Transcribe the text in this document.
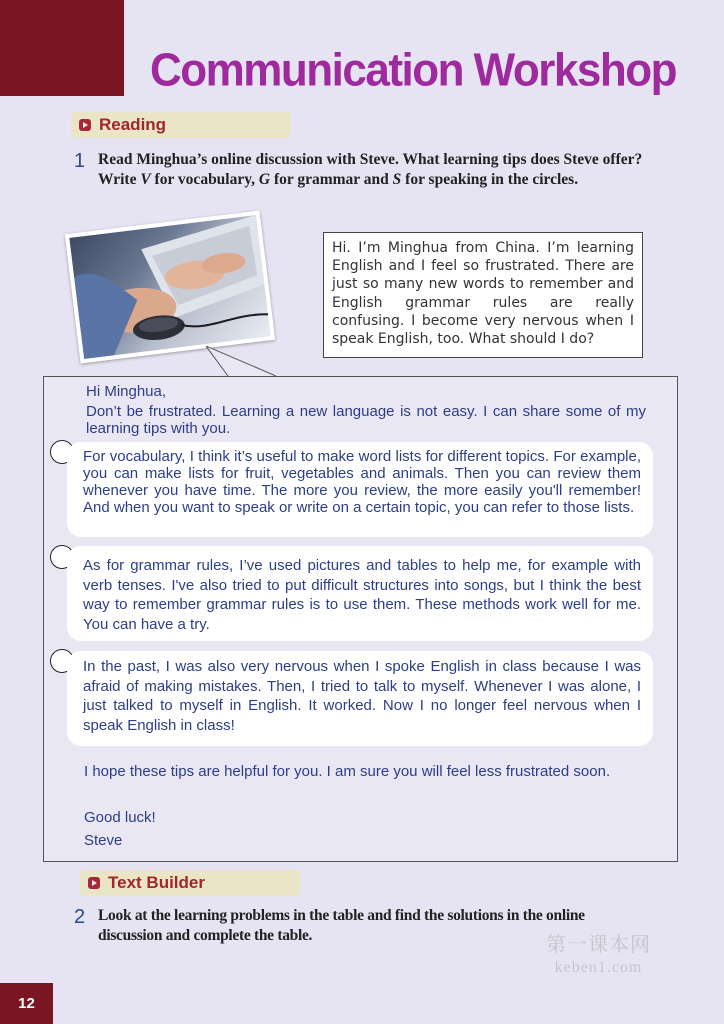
Communication Workshop
Reading
1 Read Minghua’s online discussion with Steve. What learning tips does Steve offer? Write V for vocabulary, G for grammar and S for speaking in the circles.
Hi. I’m Minghua from China. I’m learning English and I feel so frustrated. There are just so many new words to remember and English grammar rules are really confusing. I become very nervous when I speak English, too. What should I do?
Hi Minghua,
Don’t be frustrated. Learning a new language is not easy. I can share some of my learning tips with you.
For vocabulary, I think it’s useful to make word lists for different topics. For example, you can make lists for fruit, vegetables and animals. Then you can review them whenever you have time. The more you review, the more easily you'll remember! And when you want to speak or write on a certain topic, you can refer to those lists.
As for grammar rules, I’ve used pictures and tables to help me, for example with verb tenses. I've also tried to put difficult structures into songs, but I think the best way to remember grammar rules is to use them. These methods work well for me. You can have a try.
In the past, I was also very nervous when I spoke English in class because I was afraid of making mistakes. Then, I tried to talk to myself. Whenever I was alone, I just talked to myself in English. It worked. Now I no longer feel nervous when I speak English in class!
I hope these tips are helpful for you. I am sure you will feel less frustrated soon.
Good luck!
Steve
Text Builder
2 Look at the learning problems in the table and find the solutions in the online discussion and complete the table.	第一课本网
keben1.com
12
